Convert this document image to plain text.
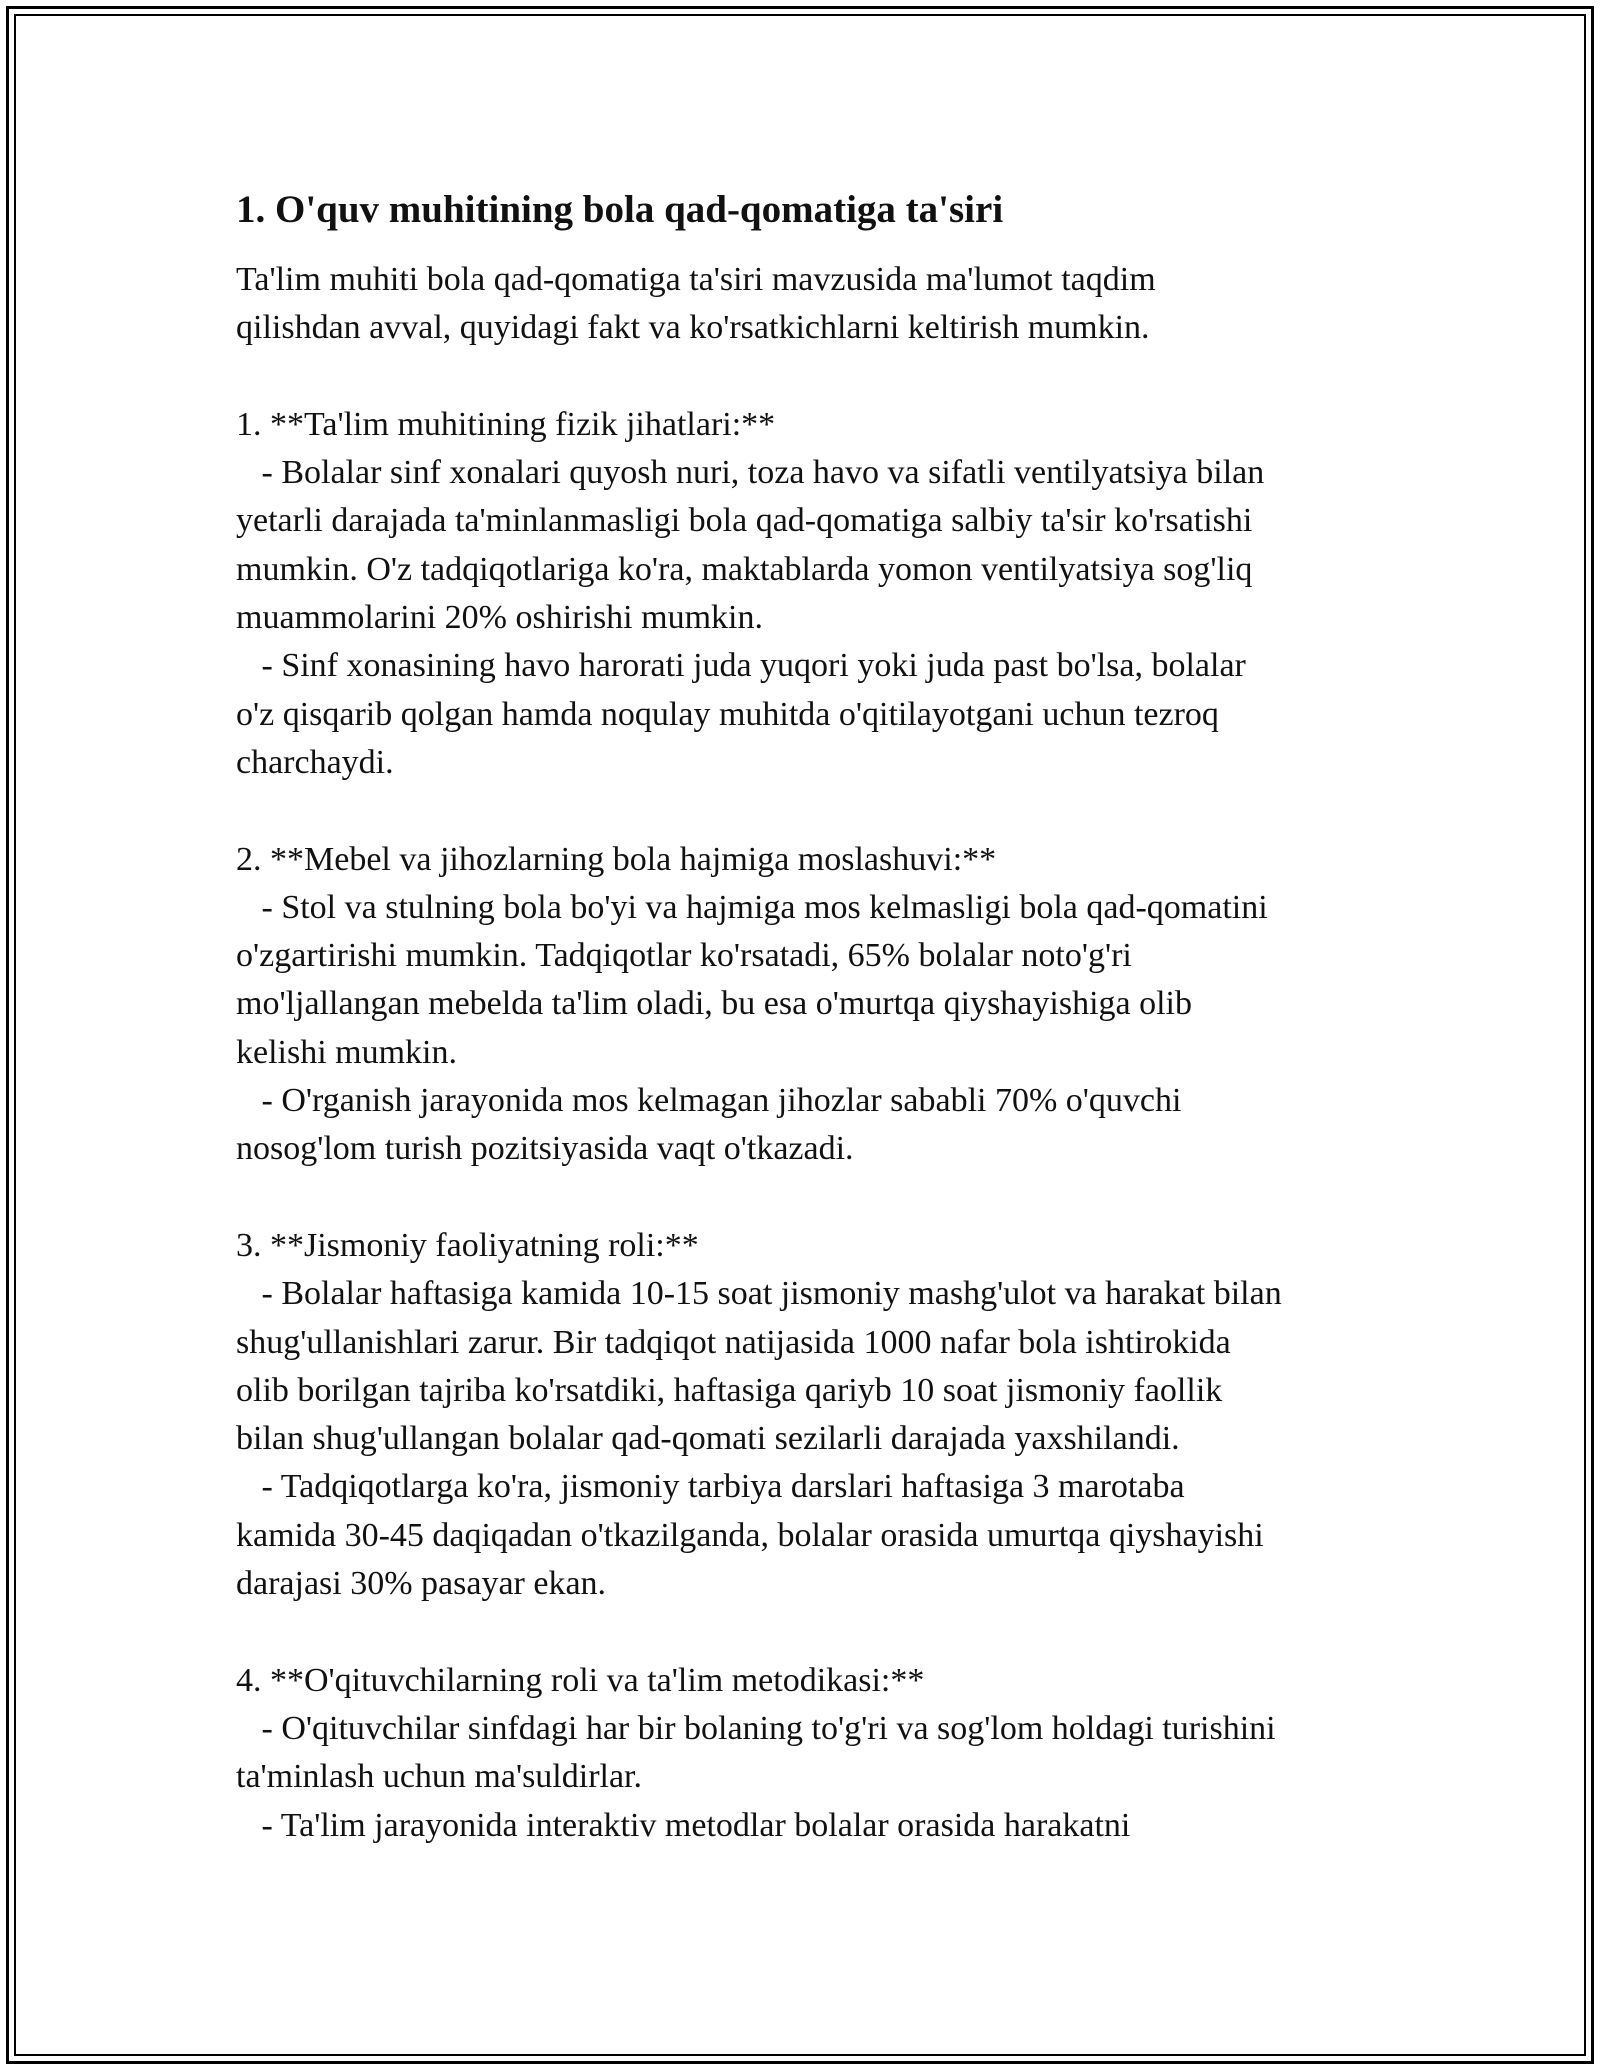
1. O'quv muhitining bola qad-qomatiga ta'siri
Ta'lim muhiti bola qad-qomatiga ta'siri mavzusida ma'lumot taqdim
qilishdan avval, quyidagi fakt va ko'rsatkichlarni keltirish mumkin.
1. **Ta'lim muhitining fizik jihatlari:**
- Bolalar sinf xonalari quyosh nuri, toza havo va sifatli ventilyatsiya bilan
yetarli darajada ta'minlanmasligi bola qad-qomatiga salbiy ta'sir ko'rsatishi
mumkin. O'z tadqiqotlariga ko'ra, maktablarda yomon ventilyatsiya sog'liq
muammolarini 20% oshirishi mumkin.
- Sinf xonasining havo harorati juda yuqori yoki juda past bo'lsa, bolalar
o'z qisqarib qolgan hamda noqulay muhitda o'qitilayotgani uchun tezroq
charchaydi.
2. **Mebel va jihozlarning bola hajmiga moslashuvi:**
- Stol va stulning bola bo'yi va hajmiga mos kelmasligi bola qad-qomatini
o'zgartirishi mumkin. Tadqiqotlar ko'rsatadi, 65% bolalar noto'g'ri
mo'ljallangan mebelda ta'lim oladi, bu esa o'murtqa qiyshayishiga olib
kelishi mumkin.
- O'rganish jarayonida mos kelmagan jihozlar sababli 70% o'quvchi
nosog'lom turish pozitsiyasida vaqt o'tkazadi.
3. **Jismoniy faoliyatning roli:**
- Bolalar haftasiga kamida 10-15 soat jismoniy mashg'ulot va harakat bilan
shug'ullanishlari zarur. Bir tadqiqot natijasida 1000 nafar bola ishtirokida
olib borilgan tajriba ko'rsatdiki, haftasiga qariyb 10 soat jismoniy faollik
bilan shug'ullangan bolalar qad-qomati sezilarli darajada yaxshilandi.
- Tadqiqotlarga ko'ra, jismoniy tarbiya darslari haftasiga 3 marotaba
kamida 30-45 daqiqadan o'tkazilganda, bolalar orasida umurtqa qiyshayishi
darajasi 30% pasayar ekan.
4. **O'qituvchilarning roli va ta'lim metodikasi:**
- O'qituvchilar sinfdagi har bir bolaning to'g'ri va sog'lom holdagi turishini
ta'minlash uchun ma'suldirlar.
- Ta'lim jarayonida interaktiv metodlar bolalar orasida harakatni
